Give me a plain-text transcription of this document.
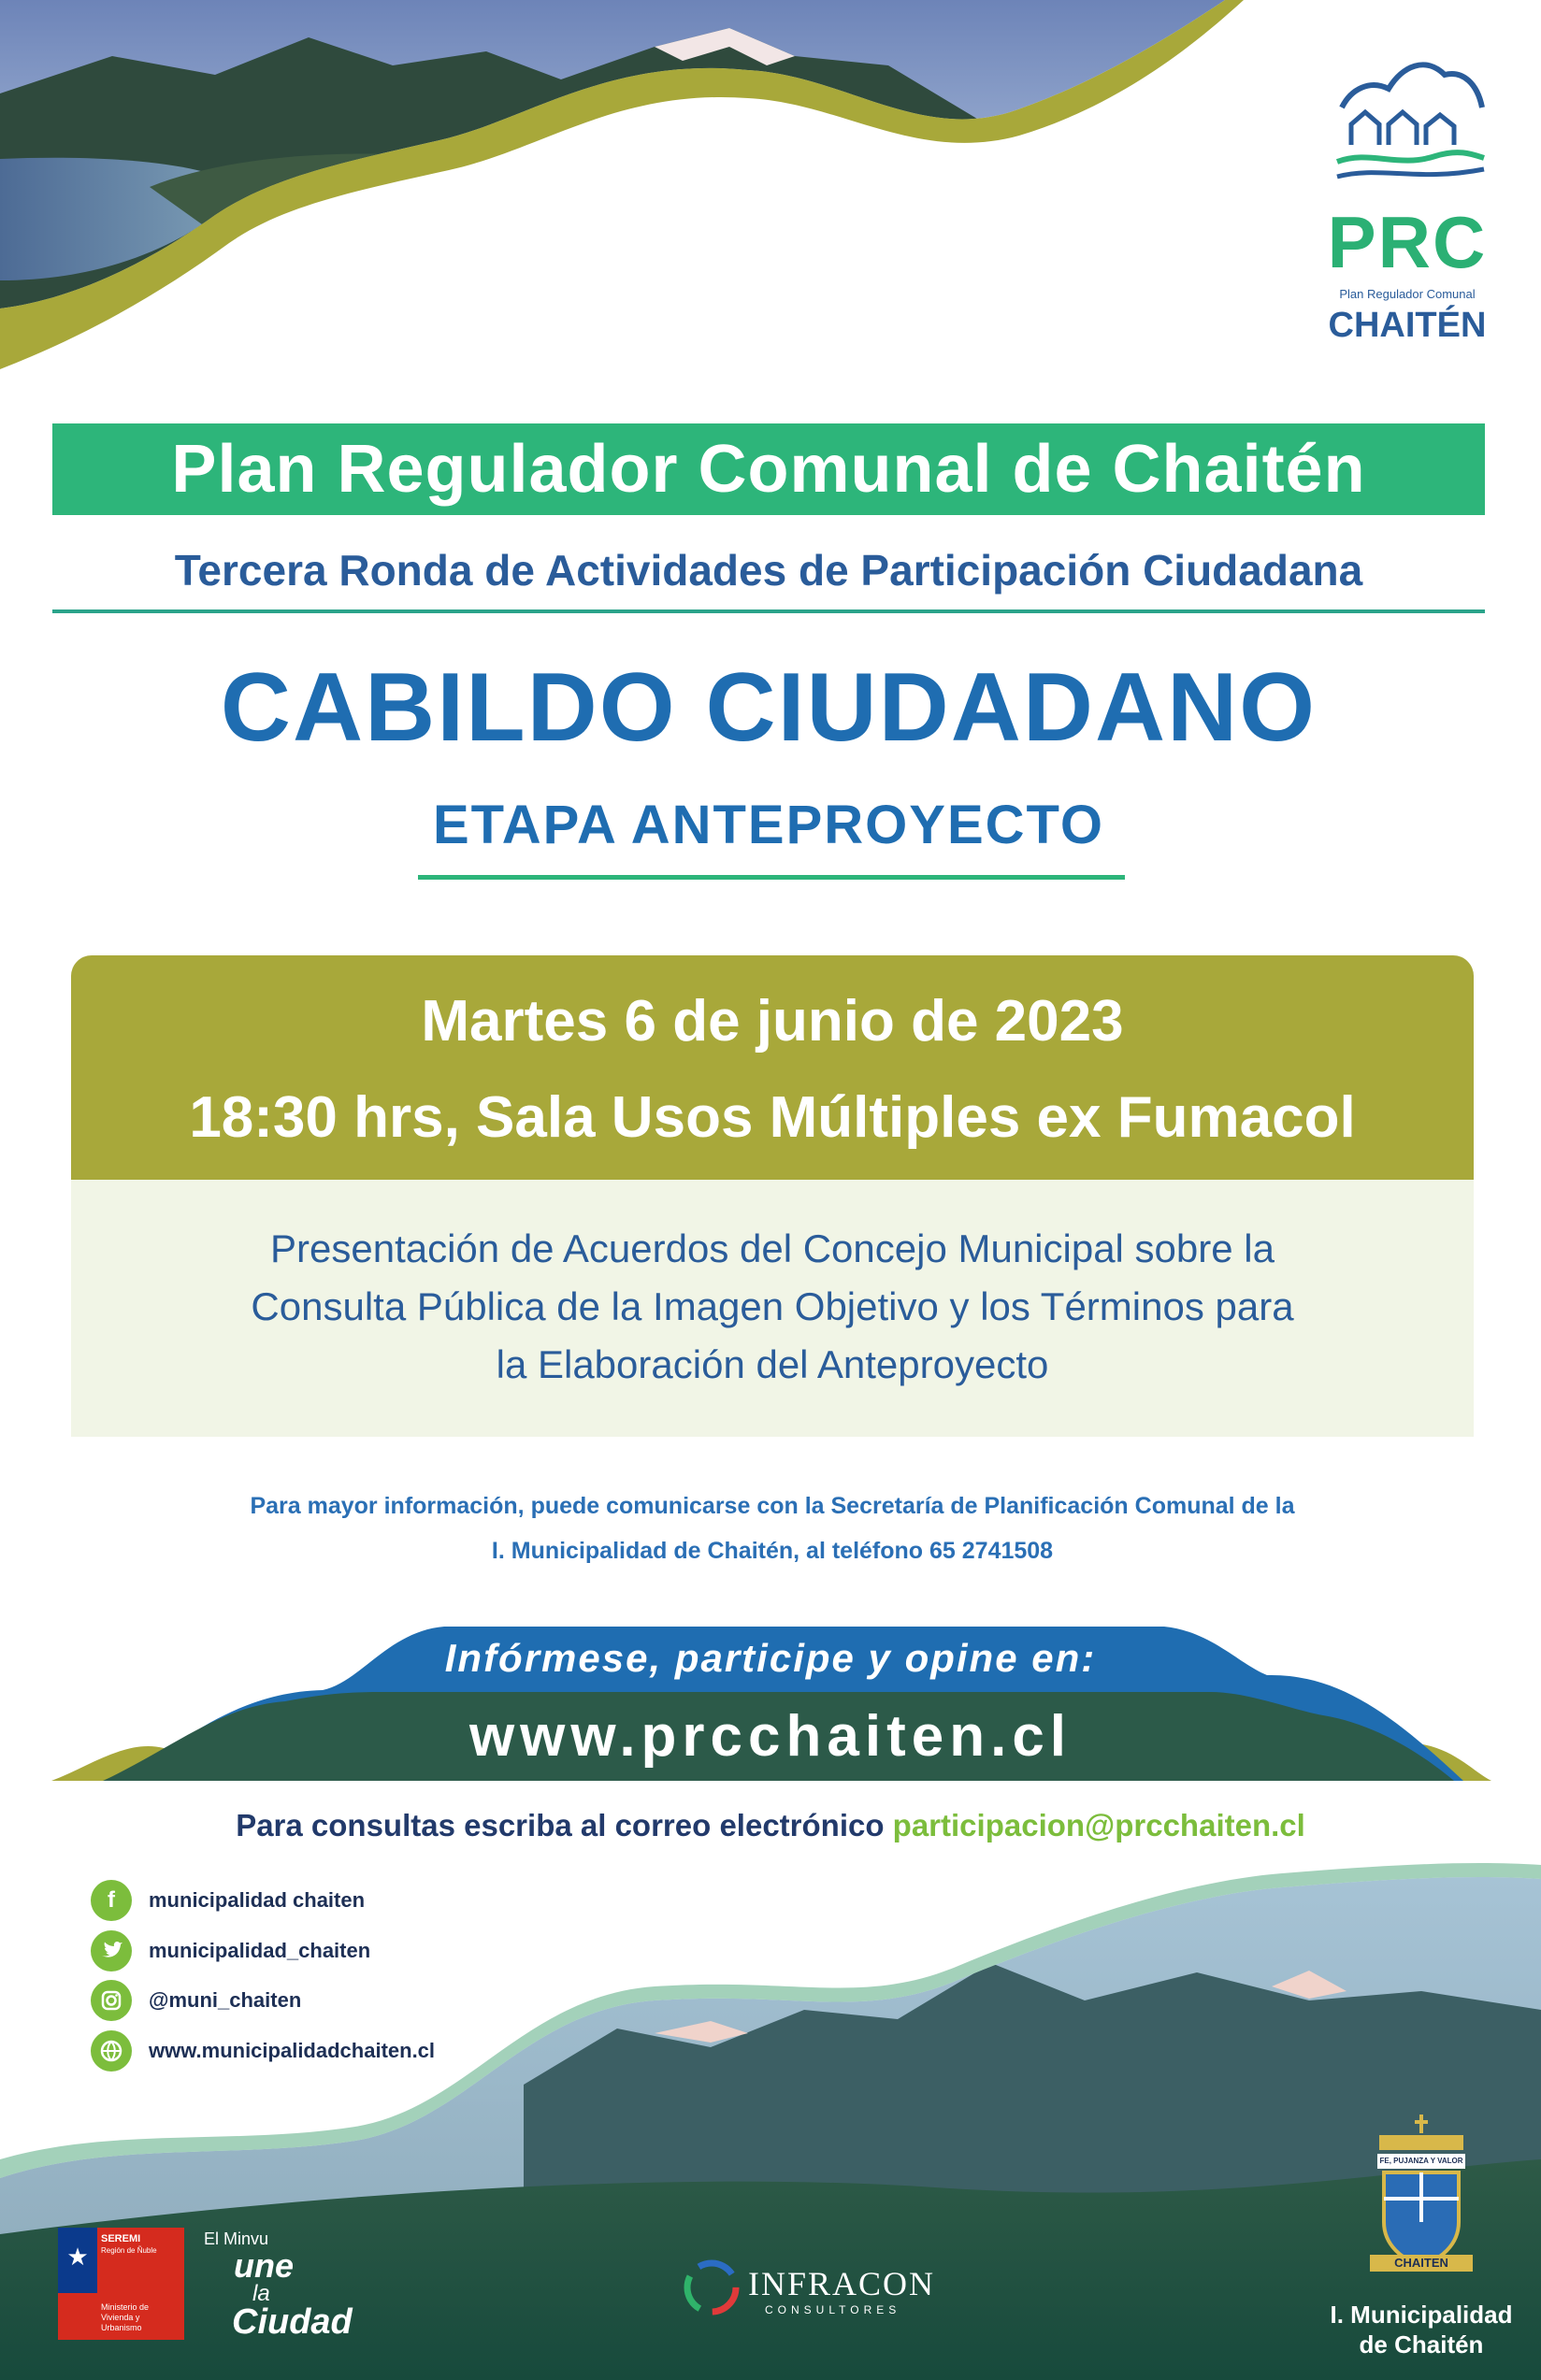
PRC
Plan Regulador Comunal
CHAITÉN
Plan Regulador Comunal de Chaitén
Tercera Ronda de Actividades de Participación Ciudadana
CABILDO CIUDADANO
ETAPA ANTEPROYECTO
Martes 6 de junio de 2023
18:30 hrs, Sala Usos Múltiples ex Fumacol
Presentación de Acuerdos del Concejo Municipal sobre la
Consulta Pública de la Imagen Objetivo y los Términos para
la Elaboración del Anteproyecto
Para mayor información, puede comunicarse con la Secretaría de Planificación Comunal de la
I. Municipalidad de Chaitén, al teléfono 65 2741508
Infórmese, participe y opine en:
www.prcchaiten.cl
Para consultas escriba al correo electrónico participacion@prcchaiten.cl
f	municipalidad chaiten
municipalidad_chaiten
@muni_chaiten
www.municipalidadchaiten.cl
★
SEREMI
Región de Ñuble
Ministerio de Vivienda y Urbanismo
El Minvu
une
la
Ciudad
INFRACON
CONSULTORES
FE, PUJANZA Y VALOR
CHAITEN
I. Municipalidad
de Chaitén
